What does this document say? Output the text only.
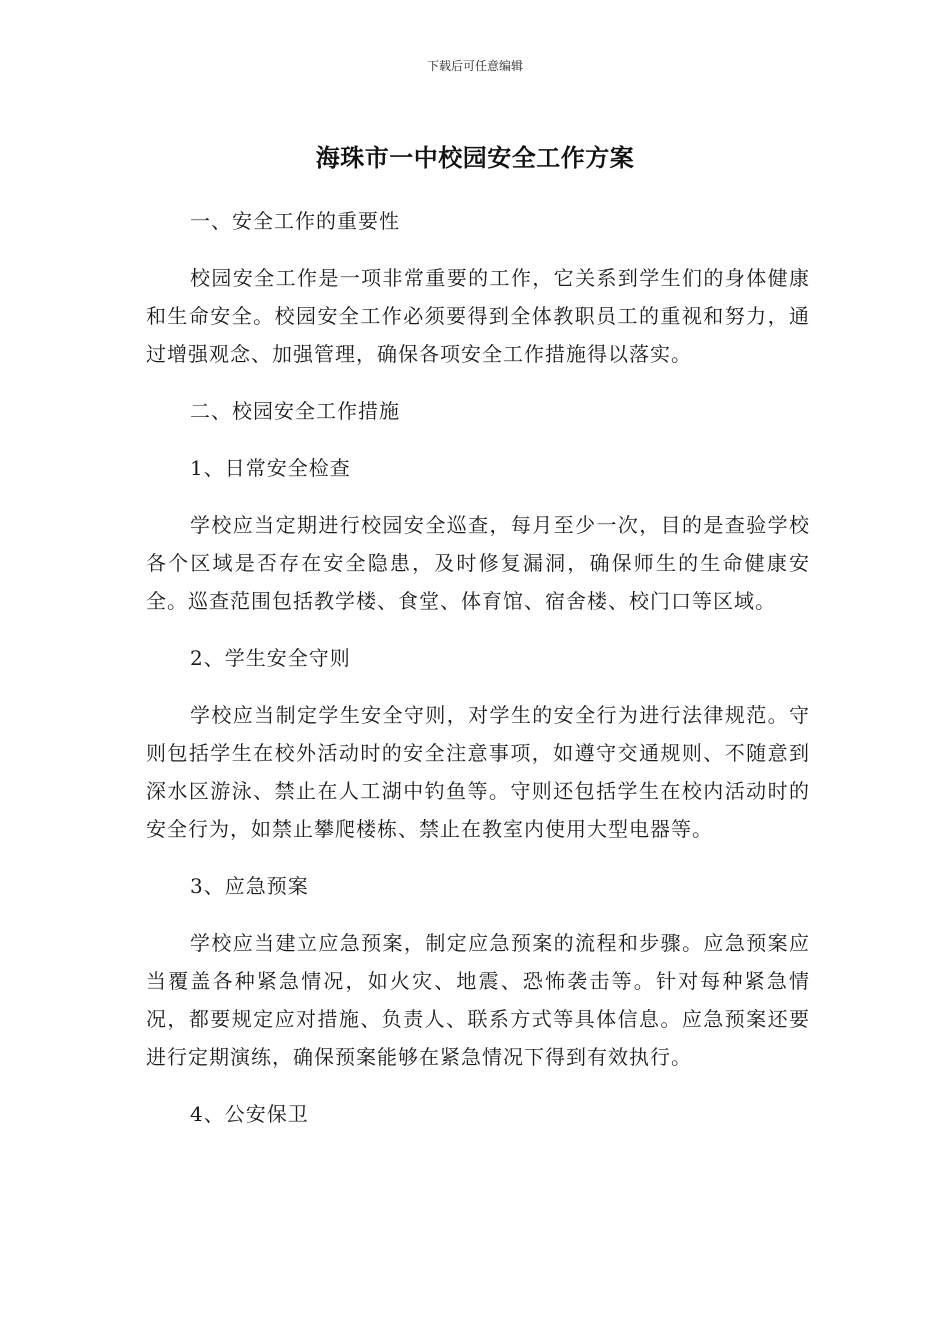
下载后可任意编辑
海珠市一中校园安全工作方案

一、安全工作的重要性

校园安全工作是一项非常重要的工作，它关系到学生们的身体健康和生命安全。校园安全工作必须要得到全体教职员工的重视和努力，通过增强观念、加强管理，确保各项安全工作措施得以落实。

二、校园安全工作措施

1、日常安全检查

学校应当定期进行校园安全巡查，每月至少一次，目的是查验学校各个区域是否存在安全隐患，及时修复漏洞，确保师生的生命健康安全。巡查范围包括教学楼、食堂、体育馆、宿舍楼、校门口等区域。

2、学生安全守则

学校应当制定学生安全守则，对学生的安全行为进行法律规范。守则包括学生在校外活动时的安全注意事项，如遵守交通规则、不随意到深水区游泳、禁止在人工湖中钓鱼等。守则还包括学生在校内活动时的安全行为，如禁止攀爬楼栋、禁止在教室内使用大型电器等。

3、应急预案

学校应当建立应急预案，制定应急预案的流程和步骤。应急预案应当覆盖各种紧急情况，如火灾、地震、恐怖袭击等。针对每种紧急情况，都要规定应对措施、负责人、联系方式等具体信息。应急预案还要进行定期演练，确保预案能够在紧急情况下得到有效执行。

4、公安保卫
